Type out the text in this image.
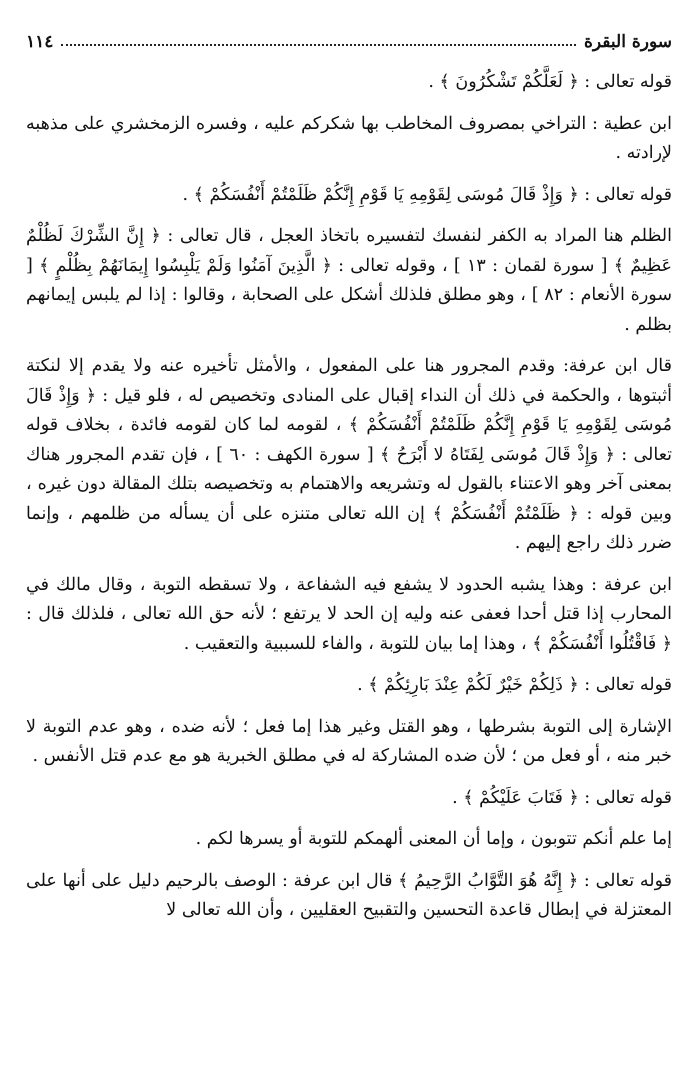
سورة البقرة
١١٤

قوله تعالى : ﴿ لَعَلَّكُمْ تَشْكُرُونَ ﴾ .

ابن عطية : التراخي بمصروف المخاطب بها شكركم عليه ، وفسره الزمخشري على مذهبه لإرادته .

قوله تعالى : ﴿ وَإِذْ قَالَ مُوسَى لِقَوْمِهِ يَا قَوْمِ إِنَّكُمْ ظَلَمْتُمْ أَنْفُسَكُمْ ﴾ .

الظلم هنا المراد به الكفر لنفسك لتفسيره باتخاذ العجل ، قال تعالى : ﴿ إِنَّ الشِّرْكَ لَظُلْمٌ عَظِيمٌ ﴾ [ سورة لقمان : ١٣ ] ، وقوله تعالى : ﴿ الَّذِينَ آمَنُوا وَلَمْ يَلْبِسُوا إِيمَانَهُمْ بِظُلْمٍ ﴾ [ سورة الأنعام : ٨٢ ] ، وهو مطلق فلذلك أشكل على الصحابة ، وقالوا : إذا لم يلبس إيمانهم بظلم .

قال ابن عرفة: وقدم المجرور هنا على المفعول ، والأمثل تأخيره عنه ولا يقدم إلا لنكتة أثبتوها ، والحكمة في ذلك أن النداء إقبال على المنادى وتخصيص له ، فلو قيل : ﴿ وَإِذْ قَالَ مُوسَى لِقَوْمِهِ يَا قَوْمِ إِنَّكُمْ ظَلَمْتُمْ أَنْفُسَكُمْ ﴾ ، لقومه لما كان لقومه فائدة ، بخلاف قوله تعالى : ﴿ وَإِذْ قَالَ مُوسَى لِفَتَاهُ لا أَبْرَحُ ﴾ [ سورة الكهف : ٦٠ ] ، فإن تقدم المجرور هناك بمعنى آخر وهو الاعتناء بالقول له وتشريعه والاهتمام به وتخصيصه بتلك المقالة دون غيره ، وبين قوله : ﴿ ظَلَمْتُمْ أَنْفُسَكُمْ ﴾ إن الله تعالى متنزه على أن يسأله من ظلمهم ، وإنما ضرر ذلك راجع إليهم .

ابن عرفة : وهذا يشبه الحدود لا يشفع فيه الشفاعة ، ولا تسقطه التوبة ، وقال مالك في المحارب إذا قتل أحدا فعفى عنه وليه إن الحد لا يرتفع ؛ لأنه حق الله تعالى ، فلذلك قال : ﴿ فَاقْتُلُوا أَنْفُسَكُمْ ﴾ ، وهذا إما بيان للتوبة ، والفاء للسببية والتعقيب .

قوله تعالى : ﴿ ذَلِكُمْ خَيْرٌ لَكُمْ عِنْدَ بَارِئِكُمْ ﴾ .

الإشارة إلى التوبة بشرطها ، وهو القتل وغير هذا إما فعل ؛ لأنه ضده ، وهو عدم التوبة لا خبر منه ، أو فعل من ؛ لأن ضده المشاركة له في مطلق الخبرية هو مع عدم قتل الأنفس .

قوله تعالى : ﴿ فَتَابَ عَلَيْكُمْ ﴾ .

إما علم أنكم تتوبون ، وإما أن المعنى ألهمكم للتوبة أو يسرها لكم .

قوله تعالى : ﴿ إِنَّهُ هُوَ التَّوَّابُ الرَّحِيمُ ﴾ قال ابن عرفة : الوصف بالرحيم دليل على أنها على المعتزلة في إبطال قاعدة التحسين والتقبيح العقليين ، وأن الله تعالى لا
